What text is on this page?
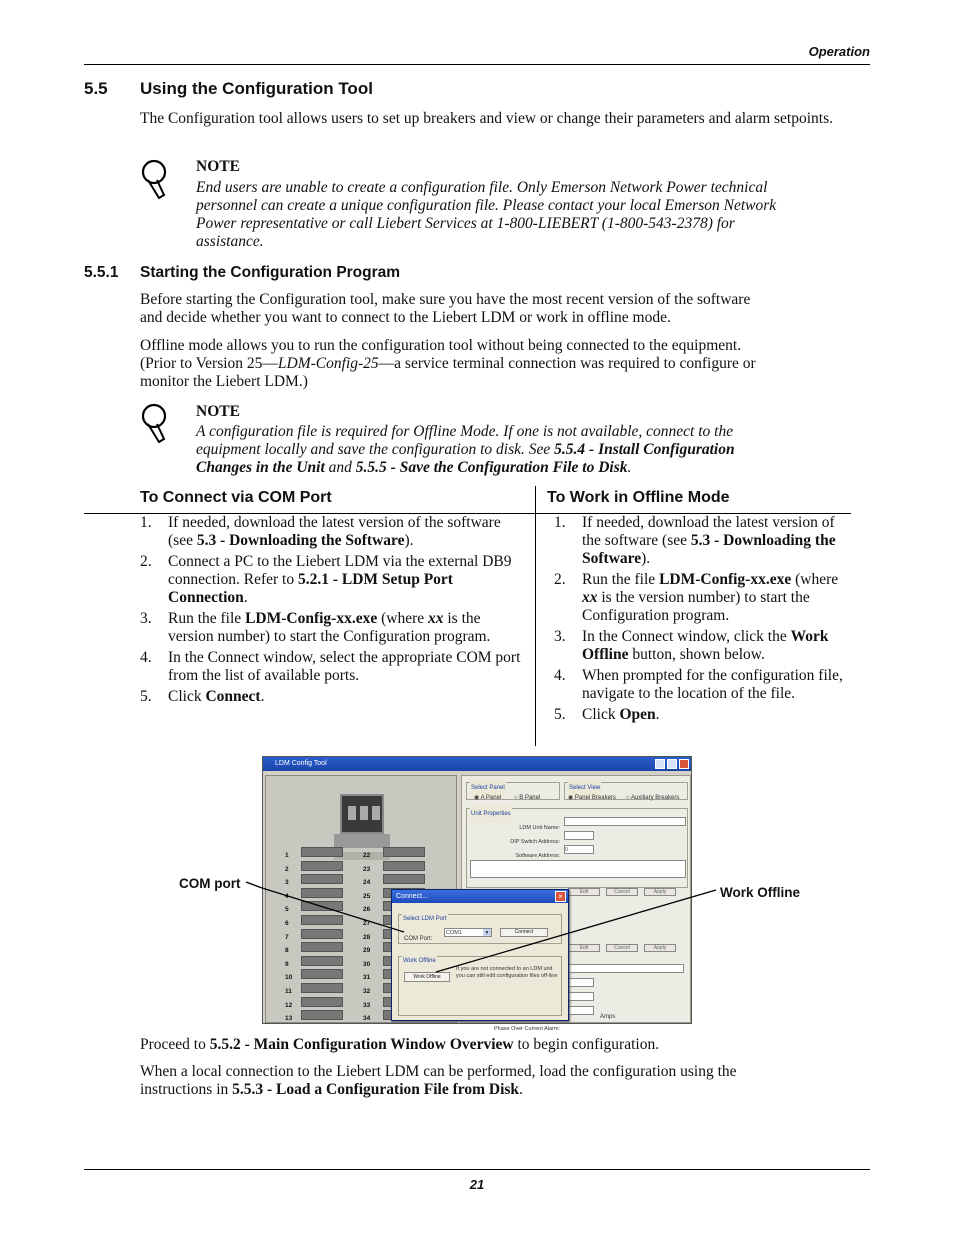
Operation
5.5 Using the Configuration Tool
The Configuration tool allows users to set up breakers and view or change their parameters and alarm setpoints.
NOTE
End users are unable to create a configuration file. Only Emerson Network Power technical
personnel can create a unique configuration file. Please contact your local Emerson Network
Power representative or call Liebert Services at 1-800-LIEBERT (1-800-543-2378) for
assistance.
5.5.1 Starting the Configuration Program
Before starting the Configuration tool, make sure you have the most recent version of the software
and decide whether you want to connect to the Liebert LDM or work in offline mode.
Offline mode allows you to run the configuration tool without being connected to the equipment.
(Prior to Version 25—LDM-Config-25—a service terminal connection was required to configure or
monitor the Liebert LDM.)
NOTE
A configuration file is required for Offline Mode. If one is not available, connect to the
equipment locally and save the configuration to disk. See 5.5.4 - Install Configuration
Changes in the Unit and 5.5.5 - Save the Configuration File to Disk.
To Connect via COM Port	To Work in Offline Mode
1. If needed, download the latest version of the software (see 5.3 - Downloading the Software).
2. Connect a PC to the Liebert LDM via the external DB9 connection. Refer to 5.2.1 - LDM Setup Port Connection.
3. Run the file LDM-Config-xx.exe (where xx is the version number) to start the Configuration program.
4. In the Connect window, select the appropriate COM port from the list of available ports.
5. Click Connect.
1. If needed, download the latest version of the software (see 5.3 - Downloading the Software).
2. Run the file LDM-Config-xx.exe (where xx is the version number) to start the Configuration program.
3. In the Connect window, click the Work Offline button, shown below.
4. When prompted for the configuration file, navigate to the location of the file.
5. Click Open.
LDM Config Tool
1	22
2	23
3	24
4	25
5	26
6	27
7	28
8	29
9	30
10	31
11	32
12	33
13	34
Select Panel
◉ A Panel ○ B Panel
Select View
◉ Panel Breakers ○ Auxiliary Breakers
Unit Properties
LDM Unit Name:
DIP Switch Address:
Software Address:
0
Edit	Cancel	Apply
Edit	Cancel	Apply
Amps
Phase Over Current Alarm:
Connect...	×
Select LDM Port
COM Port:
COM1	▼	Connect
Work Offline
Work Offline
If you are not connected to an LDM unit you can still edit configuration files off-line
COM port
Work Offline
Proceed to 5.5.2 - Main Configuration Window Overview to begin configuration.
When a local connection to the Liebert LDM can be performed, load the configuration using the
instructions in 5.5.3 - Load a Configuration File from Disk.
21
